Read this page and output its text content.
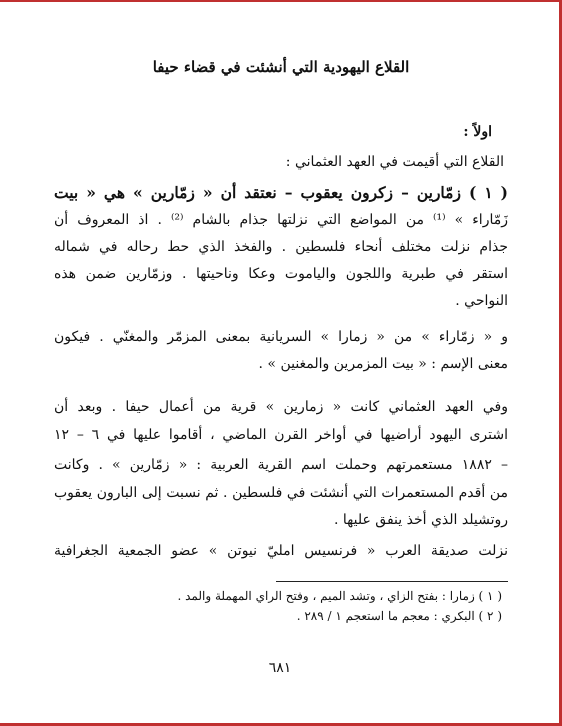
القلاع اليهودية التي أنشئت في قضاء حيفا
اولاً :
القلاع التي أقيمت في العهد العثماني :
( ١ ) زمّارين – زكرون يعقوب – نعتقد أن « زمّارين » هي « بيت
زَمّاراء » ⁽¹⁾ من المواضع التي نزلتها جذام بالشام ⁽²⁾ . اذ المعروف أن
جذام نزلت مختلف أنحاء فلسطين . والفخذ الذي حط رحاله في شماله
استقر في طبرية واللجون والياموت وعكا وناحيتها . وزمّارين ضمن هذه
النواحي .
و « زمّاراء » من « زمارا » السريانية بمعنى المزمّر والمغنّي . فيكون
معنى الإسم : « بيت المزمرين والمغنين » .
وفي العهد العثماني كانت « زمارين » قرية من أعمال حيفا . وبعد أن
اشترى اليهود أراضيها في أواخر القرن الماضي ، أقاموا عليها في ٦ – ١٢
– ١٨٨٢ مستعمرتهم وحملت اسم القرية العربية : « زمّارين » . وكانت
من أقدم المستعمرات التي أنشئت في فلسطين . ثم نسبت إلى البارون يعقوب
روتشيلد الذي أخذ ينفق عليها .
نزلت صديقة العرب « فرنسيس امليّ نيوتن » عضو الجمعية الجغرافية
( ١ ) زمارا : بفتح الزاي ، وتشد الميم ، وفتح الراي المهملة والمد .
( ٢ ) البكري : معجم ما استعجم ١ / ٢٨٩ .
٦٨١
